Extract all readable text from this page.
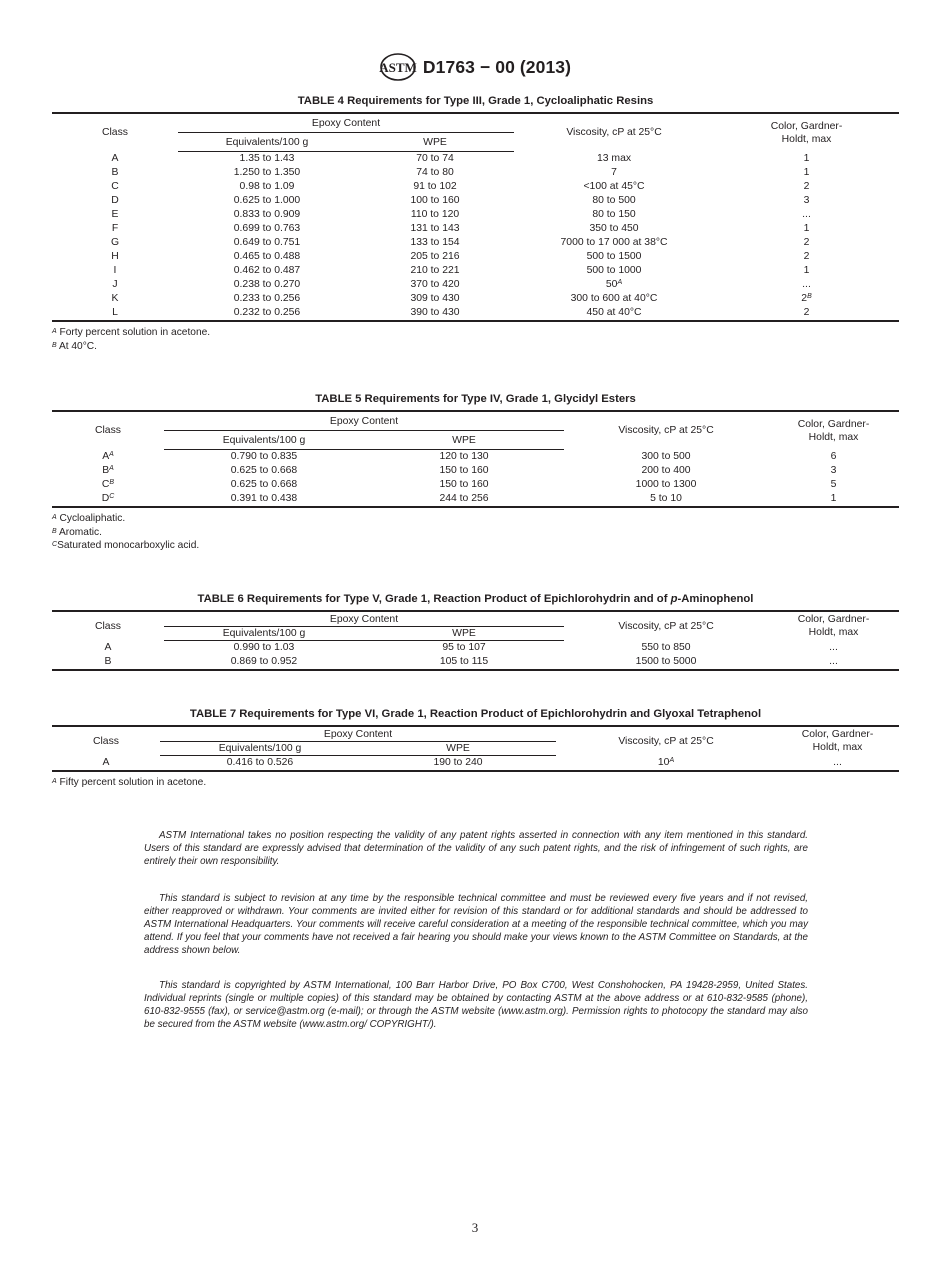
ASTM D1763 − 00 (2013)
TABLE 4 Requirements for Type III, Grade 1, Cycloaliphatic Resins
Class	Epoxy Content		Viscosity, cP at 25°C	Color, Gardner-
Holdt, max
	Equivalents/100 g	WPE		
A	1.35 to 1.43	70 to 74	13 max	1
B	1.250 to 1.350	74 to 80	7	1
C	0.98 to 1.09	91 to 102	<100 at 45°C	2
D	0.625 to 1.000	100 to 160	80 to 500	3
E	0.833 to 0.909	110 to 120	80 to 150	...
F	0.699 to 0.763	131 to 143	350 to 450	1
G	0.649 to 0.751	133 to 154	7000 to 17 000 at 38°C	2
H	0.465 to 0.488	205 to 216	500 to 1500	2
I	0.462 to 0.487	210 to 221	500 to 1000	1
J	0.238 to 0.270	370 to 420	$50^A$	...
K	0.233 to 0.256	309 to 430	300 to 600 at 40°C	$2^B$
L	0.232 to 0.256	390 to 430	450 at 40°C	2
$^A$ Forty percent solution in acetone.
$^B$ At 40°C.
TABLE 5 Requirements for Type IV, Grade 1, Glycidyl Esters
Class	Epoxy Content		Viscosity, cP at 25°C	Color, Gardner-
Holdt, max
	Equivalents/100 g	WPE		
$A^A$	0.790 to 0.835	120 to 130	300 to 500	6
$B^A$	0.625 to 0.668	150 to 160	200 to 400	3
$C^B$	0.625 to 0.668	150 to 160	1000 to 1300	5
$D^C$	0.391 to 0.438	244 to 256	5 to 10	1
$^A$ Cycloaliphatic.
$^B$ Aromatic.
$^C$Saturated monocarboxylic acid.
TABLE 6 Requirements for Type V, Grade 1, Reaction Product of Epichlorohydrin and of p-Aminophenol
Class	Epoxy Content		Viscosity, cP at 25°C	Color, Gardner-
Holdt, max
	Equivalents/100 g	WPE		
A	0.990 to 1.03	95 to 107	550 to 850	...
B	0.869 to 0.952	105 to 115	1500 to 5000	...
TABLE 7 Requirements for Type VI, Grade 1, Reaction Product of Epichlorohydrin and Glyoxal Tetraphenol
Class	Epoxy Content		Viscosity, cP at 25°C	Color, Gardner-
Holdt, max
	Equivalents/100 g	WPE		
A	0.416 to 0.526	190 to 240	$10^A$	...
$^A$ Fifty percent solution in acetone.

ASTM International takes no position respecting the validity of any patent rights asserted in connection with any item mentioned in this standard. Users of this standard are expressly advised that determination of the validity of any such patent rights, and the risk of infringement of such rights, are entirely their own responsibility.

This standard is subject to revision at any time by the responsible technical committee and must be reviewed every five years and if not revised, either reapproved or withdrawn. Your comments are invited either for revision of this standard or for additional standards and should be addressed to ASTM International Headquarters. Your comments will receive careful consideration at a meeting of the responsible technical committee, which you may attend. If you feel that your comments have not received a fair hearing you should make your views known to the ASTM Committee on Standards, at the address shown below.

This standard is copyrighted by ASTM International, 100 Barr Harbor Drive, PO Box C700, West Conshohocken, PA 19428-2959, United States. Individual reprints (single or multiple copies) of this standard may be obtained by contacting ASTM at the above address or at 610-832-9585 (phone), 610-832-9555 (fax), or service@astm.org (e-mail); or through the ASTM website (www.astm.org). Permission rights to photocopy the standard may also be secured from the ASTM website (www.astm.org/ COPYRIGHT/).

3
